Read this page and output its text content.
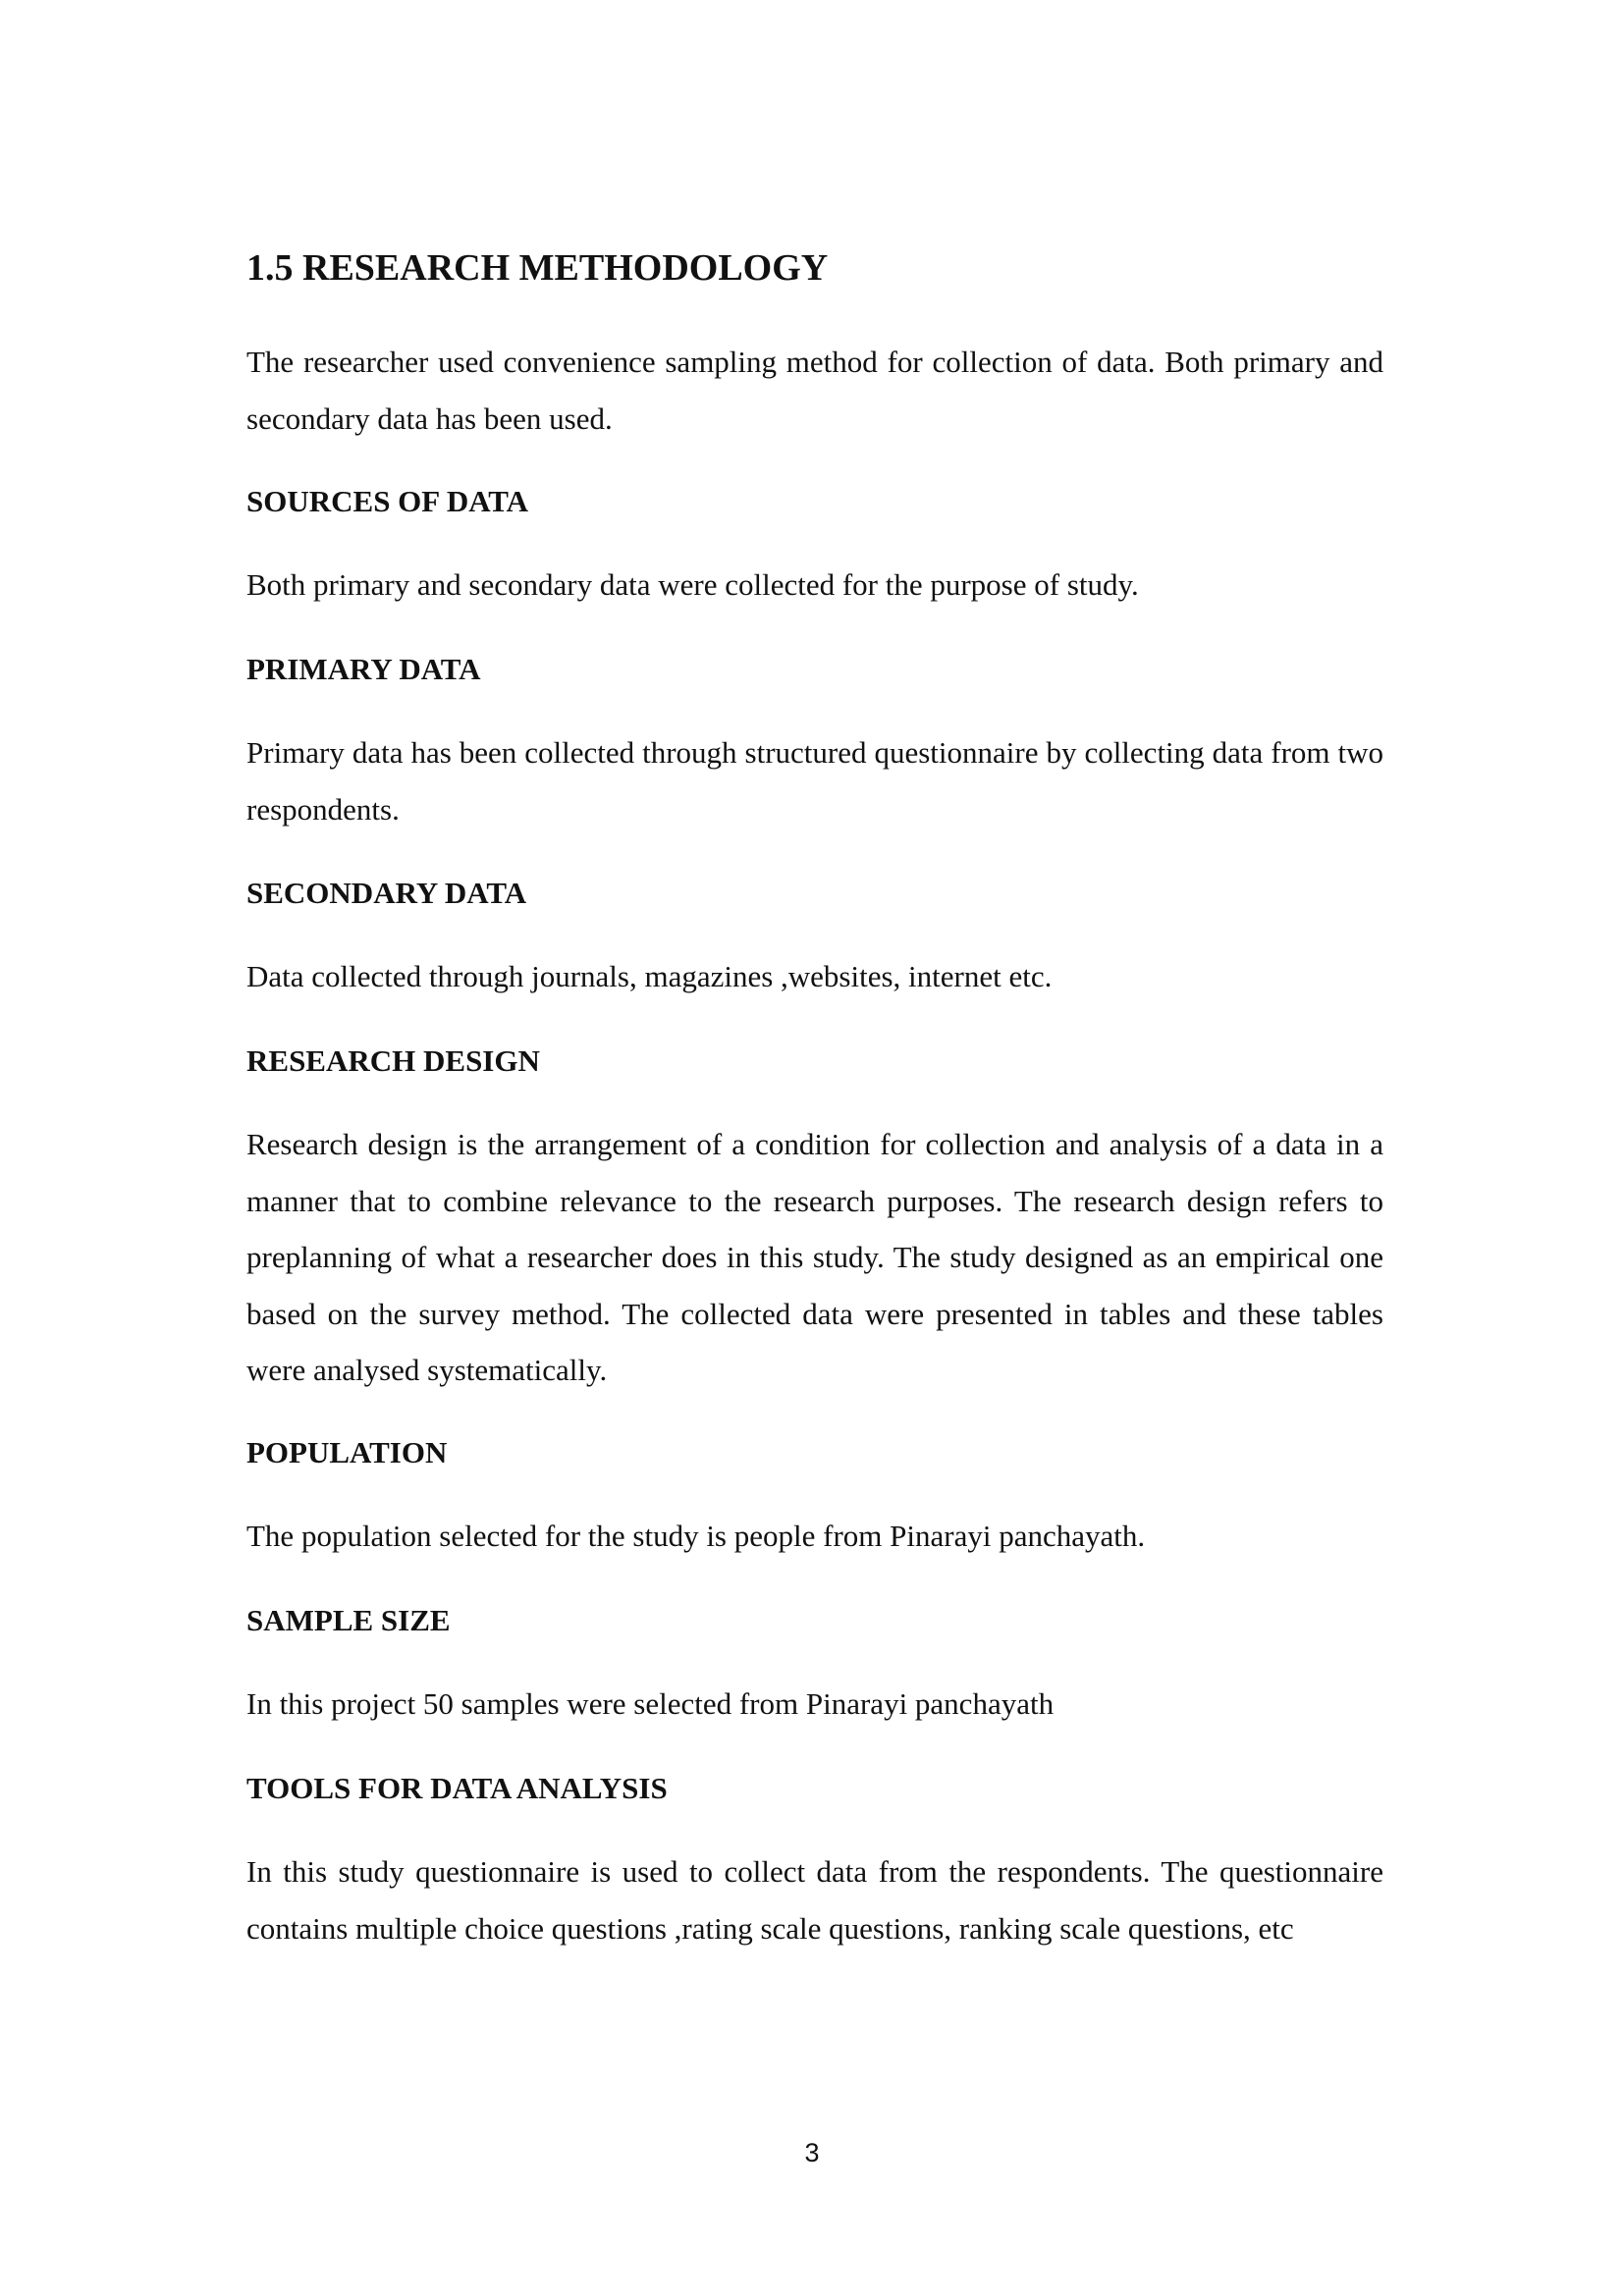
1.5 RESEARCH METHODOLOGY

The researcher used convenience sampling method for collection of data. Both primary and secondary data has been used.

SOURCES OF DATA

Both primary and secondary data were collected for the purpose of study.

PRIMARY DATA

Primary data has been collected through structured questionnaire by collecting data from two respondents.

SECONDARY DATA

Data collected through journals, magazines ,websites, internet etc.

RESEARCH DESIGN

Research design is the arrangement of a condition for collection and analysis of a data in a manner that to combine relevance to the research purposes. The research design refers to preplanning of what a researcher does in this study. The study designed as an empirical one based on the survey method. The collected data were presented in tables and these tables were analysed systematically.

POPULATION

The population selected for the study is people from Pinarayi panchayath.

SAMPLE SIZE

In this project 50 samples were selected from Pinarayi panchayath

TOOLS FOR DATA ANALYSIS

In this study questionnaire is used to collect data from the respondents. The questionnaire contains multiple choice questions ,rating scale questions, ranking scale questions, etc

3
